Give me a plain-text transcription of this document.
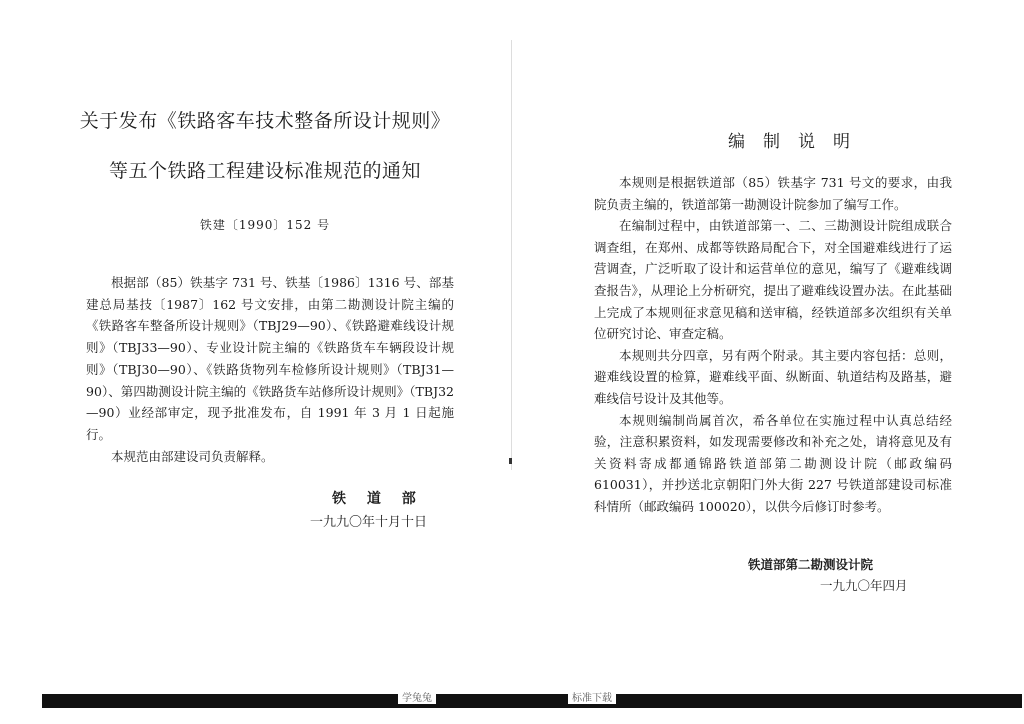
关于发布《铁路客车技术整备所设计规则》
等五个铁路工程建设标准规范的通知
铁建〔1990〕152 号

根据部（85）铁基字 731 号、铁基〔1986〕1316 号、部基建总局基技〔1987〕162 号文安排，由第二勘测设计院主编的《铁路客车整备所设计规则》（TBJ29—90）、《铁路避难线设计规则》（TBJ33—90）、专业设计院主编的《铁路货车车辆段设计规则》（TBJ30—90）、《铁路货物列车检修所设计规则》（TBJ31—90）、第四勘测设计院主编的《铁路货车站修所设计规则》（TBJ32—90）业经部审定，现予批准发布，自 1991 年 3 月 1 日起施行。

本规范由部建设司负责解释。

铁 道 部
一九九〇年十月十日
编制说明

本规则是根据铁道部（85）铁基字 731 号文的要求，由我院负责主编的，铁道部第一勘测设计院参加了编写工作。

在编制过程中，由铁道部第一、二、三勘测设计院组成联合调查组，在郑州、成都等铁路局配合下，对全国避难线进行了运营调查，广泛听取了设计和运营单位的意见，编写了《避难线调查报告》，从理论上分析研究，提出了避难线设置办法。在此基础上完成了本规则征求意见稿和送审稿，经铁道部多次组织有关单位研究讨论、审查定稿。

本规则共分四章，另有两个附录。其主要内容包括：总则，避难线设置的检算，避难线平面、纵断面、轨道结构及路基，避难线信号设计及其他等。

本规则编制尚属首次，希各单位在实施过程中认真总结经验，注意积累资料，如发现需要修改和补充之处，请将意见及有关资料寄成都通锦路铁道部第二勘测设计院（邮政编码 610031），并抄送北京朝阳门外大街 227 号铁道部建设司标准科情所（邮政编码 100020），以供今后修订时参考。

铁道部第二勘测设计院
一九九〇年四月
学兔兔	标准下载
